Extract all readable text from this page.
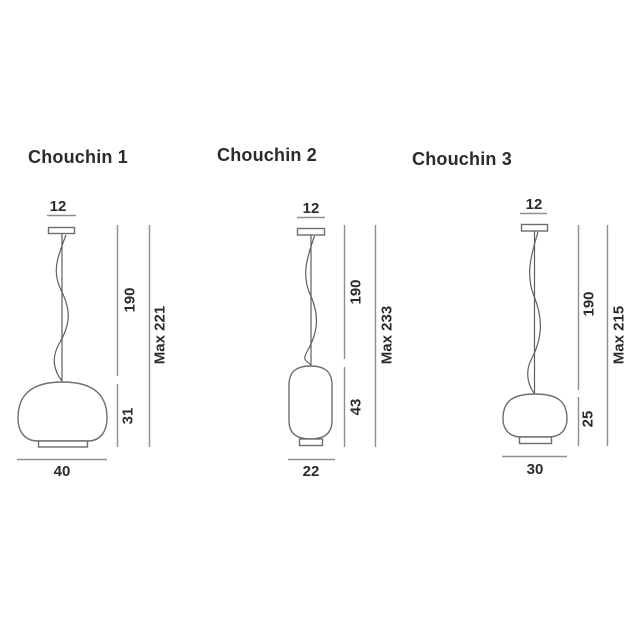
Chouchin 1
12
190
31
Max 221
40
Chouchin 2
12
190
43
Max 233
22
Chouchin 3
12
190
25
Max 215
30
